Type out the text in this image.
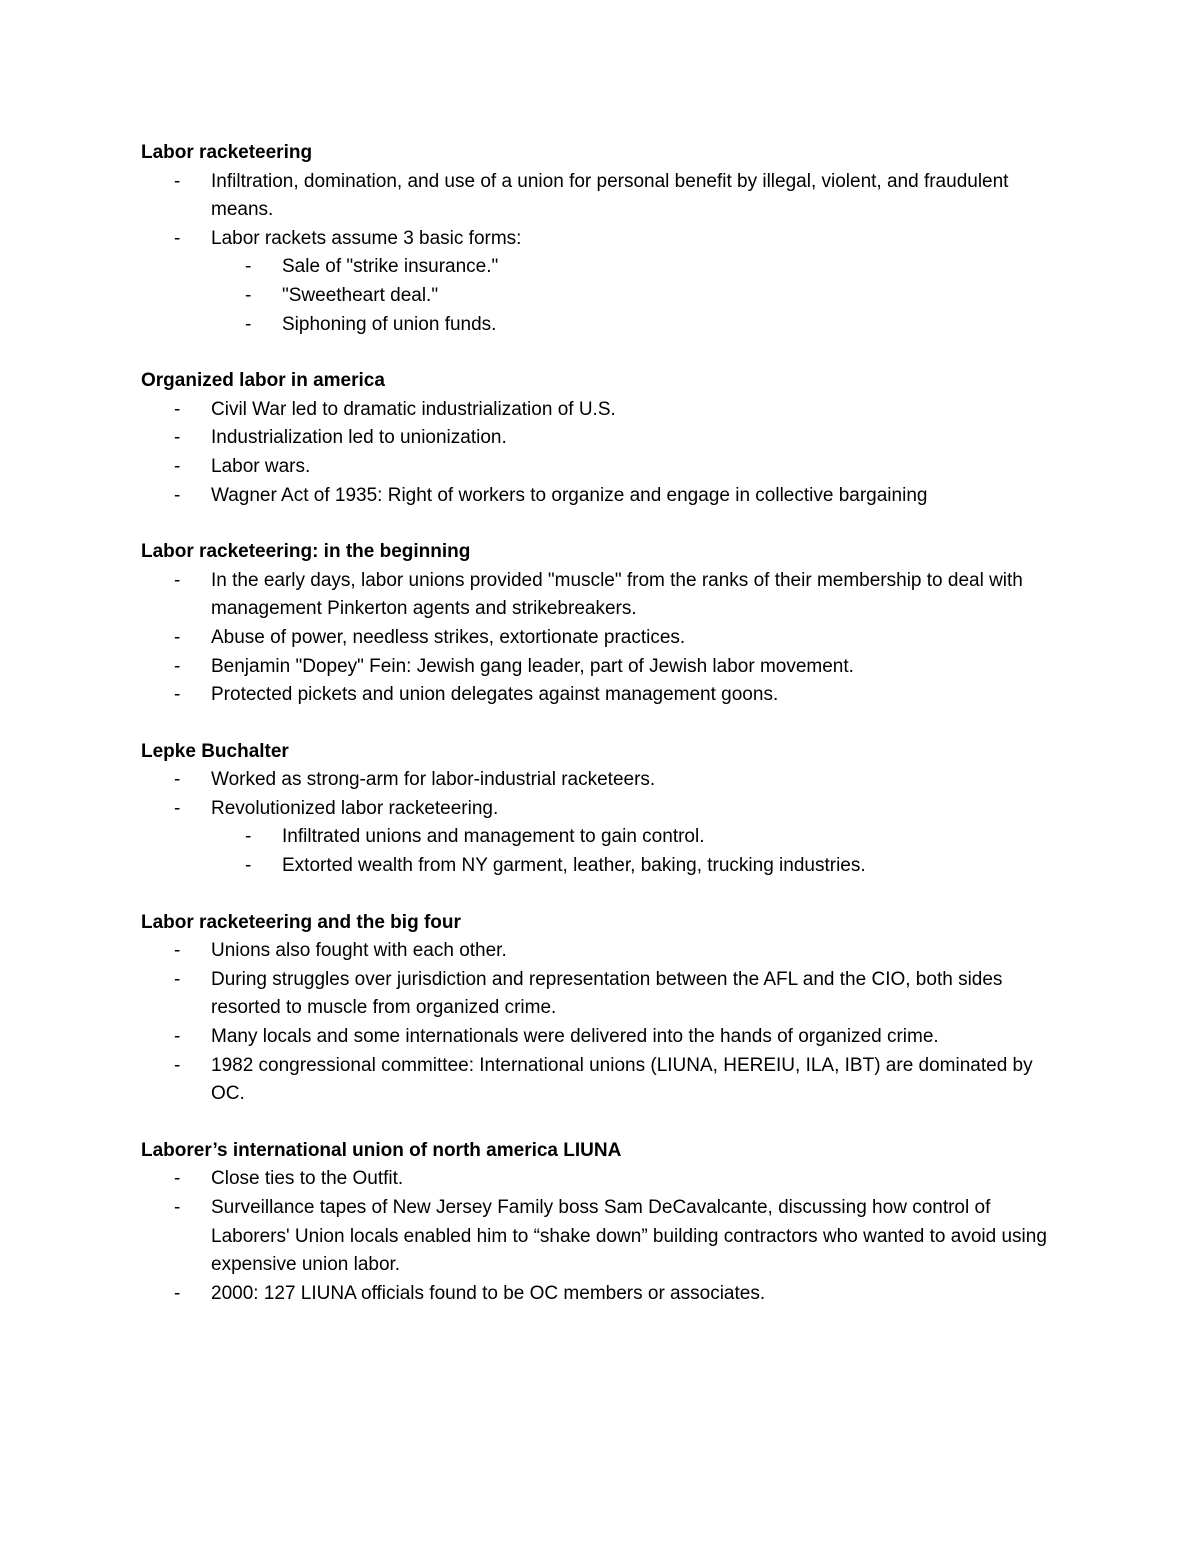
Labor racketeering
- Infiltration, domination, and use of a union for personal benefit by illegal, violent, and fraudulent means.
- Labor rackets assume 3 basic forms:
- Sale of "strike insurance."
- "Sweetheart deal."
- Siphoning of union funds.
Organized labor in america
- Civil War led to dramatic industrialization of U.S.
- Industrialization led to unionization.
- Labor wars.
- Wagner Act of 1935: Right of workers to organize and engage in collective bargaining
Labor racketeering: in the beginning
- In the early days, labor unions provided "muscle" from the ranks of their membership to deal with management Pinkerton agents and strikebreakers.
- Abuse of power, needless strikes, extortionate practices.
- Benjamin "Dopey" Fein: Jewish gang leader, part of Jewish labor movement.
- Protected pickets and union delegates against management goons.
Lepke Buchalter
- Worked as strong-arm for labor-industrial racketeers.
- Revolutionized labor racketeering.
- Infiltrated unions and management to gain control.
- Extorted wealth from NY garment, leather, baking, trucking industries.
Labor racketeering and the big four
- Unions also fought with each other.
- During struggles over jurisdiction and representation between the AFL and the CIO, both sides resorted to muscle from organized crime.
- Many locals and some internationals were delivered into the hands of organized crime.
- 1982 congressional committee: International unions (LIUNA, HEREIU, ILA, IBT) are dominated by OC.
Laborer’s international union of north america LIUNA
- Close ties to the Outfit.
- Surveillance tapes of New Jersey Family boss Sam DeCavalcante, discussing how control of Laborers' Union locals enabled him to “shake down” building contractors who wanted to avoid using expensive union labor.
- 2000: 127 LIUNA officials found to be OC members or associates.
